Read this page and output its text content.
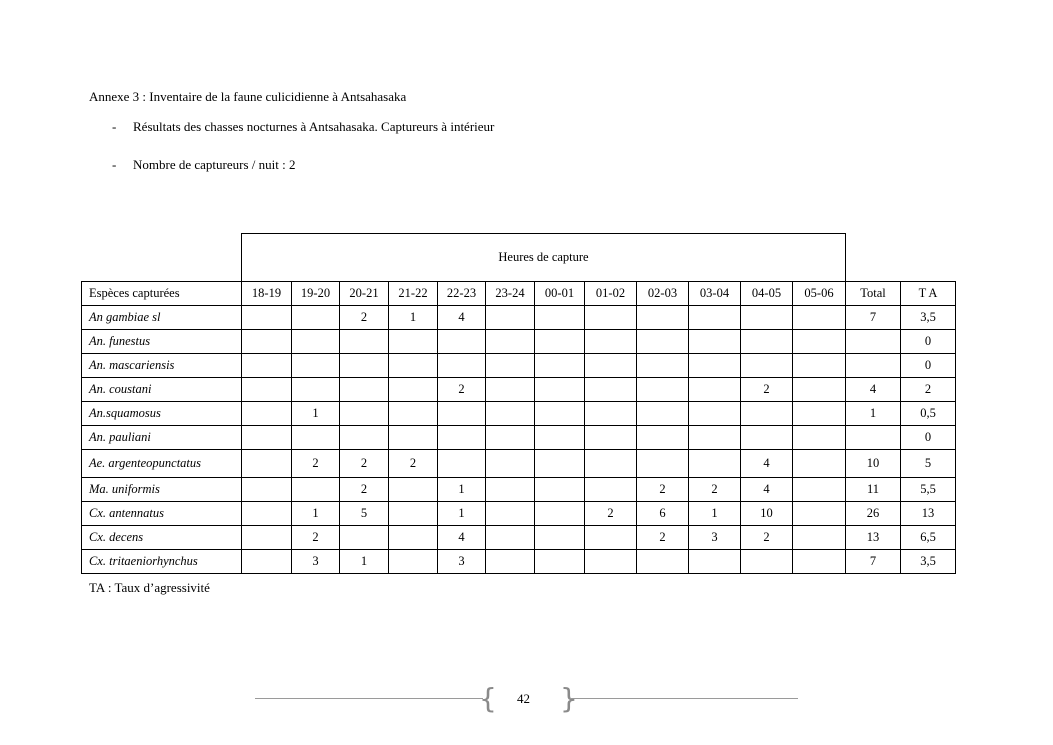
Annexe 3 : Inventaire de la faune culicidienne à Antsahasaka
- Résultats des chasses nocturnes à Antsahasaka. Captureurs à intérieur
- Nombre de captureurs / nuit : 2
	Heures de capture													
Espèces capturées	18-19	19-20	20-21	21-22	22-23	23-24	00-01	01-02	02-03	03-04	04-05	05-06	Total	T A
An gambiae sl			2	1	4								7	3,5
An. funestus														0
An. mascariensis														0
An. coustani					2						2		4	2
An.squamosus		1											1	0,5
An. pauliani														0
Ae. argenteopunctatus		2	2	2							4		10	5
Ma. uniformis			2		1				2	2	4		11	5,5
Cx. antennatus		1	5		1			2	6	1	10		26	13
Cx. decens		2			4				2	3	2		13	6,5
Cx. tritaeniorhynchus		3	1		3								7	3,5
TA : Taux d’agressivité
{ 42 }
